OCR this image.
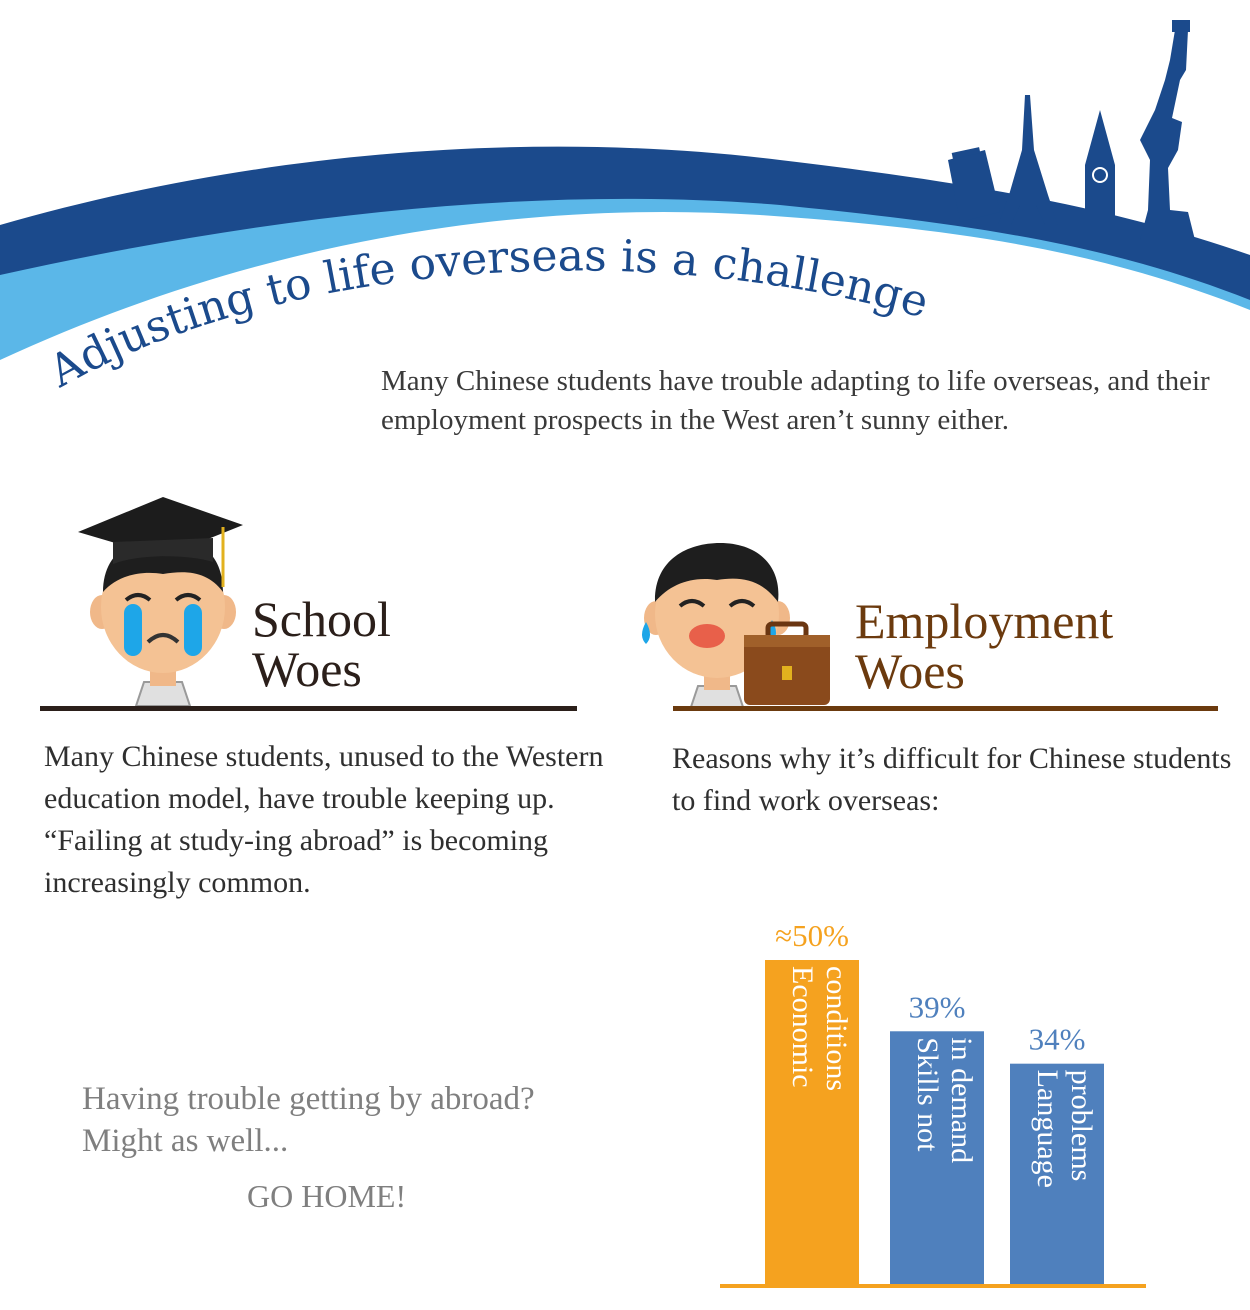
Adjusting to life overseas is a challenge
Many Chinese students have trouble adapting to life overseas, and their employment prospects in the West aren’t sunny either.
School
Woes
Many Chinese students, unused to the Western education model, have trouble keeping up. “Failing at study-ing abroad” is becoming increasingly common.
Employment
Woes
Reasons why it’s difficult for Chinese students to find work overseas:
Having trouble getting by abroad? Might as well...
GO HOME!
≈50%
Economicconditions 39%
Skills notin demand 34%
Languageproblems
